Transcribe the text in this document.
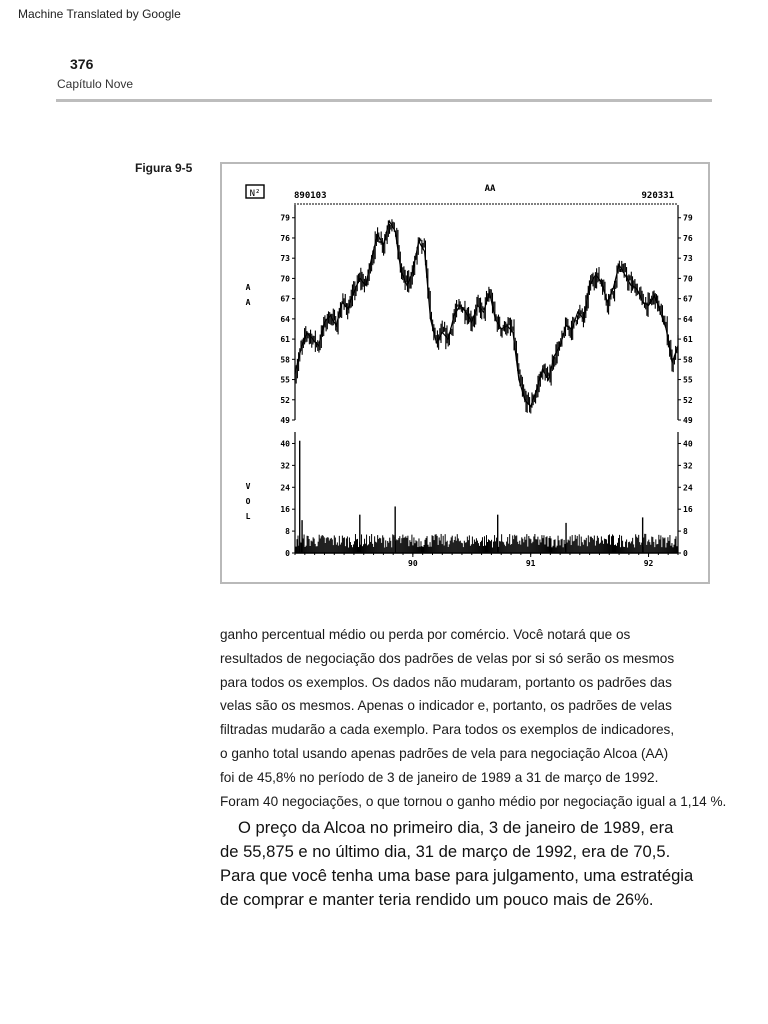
Machine Translated by Google
376
Capítulo Nove
Figura 9-5
N²	890103
AA
920331
A
A
V
O
L
79	79
76	76
73	73
70	70
67	67
64	64
61	61
58	58
55	55
52	52
49	49
40	40
32	32
24	24
16	16
8	8
0	0
90	91	92

ganho percentual médio ou perda por comércio. Você notará que os
resultados de negociação dos padrões de velas por si só serão os mesmos
para todos os exemplos. Os dados não mudaram, portanto os padrões das
velas são os mesmos. Apenas o indicador e, portanto, os padrões de velas
filtradas mudarão a cada exemplo. Para todos os exemplos de indicadores,
o ganho total usando apenas padrões de vela para negociação Alcoa (AA)
foi de 45,8% no período de 3 de janeiro de 1989 a 31 de março de 1992.
Foram 40 negociações, o que tornou o ganho médio por negociação igual a 1,14 %.

O preço da Alcoa no primeiro dia, 3 de janeiro de 1989, era
de 55,875 e no último dia, 31 de março de 1992, era de 70,5.
Para que você tenha uma base para julgamento, uma estratégia
de comprar e manter teria rendido um pouco mais de 26%.
